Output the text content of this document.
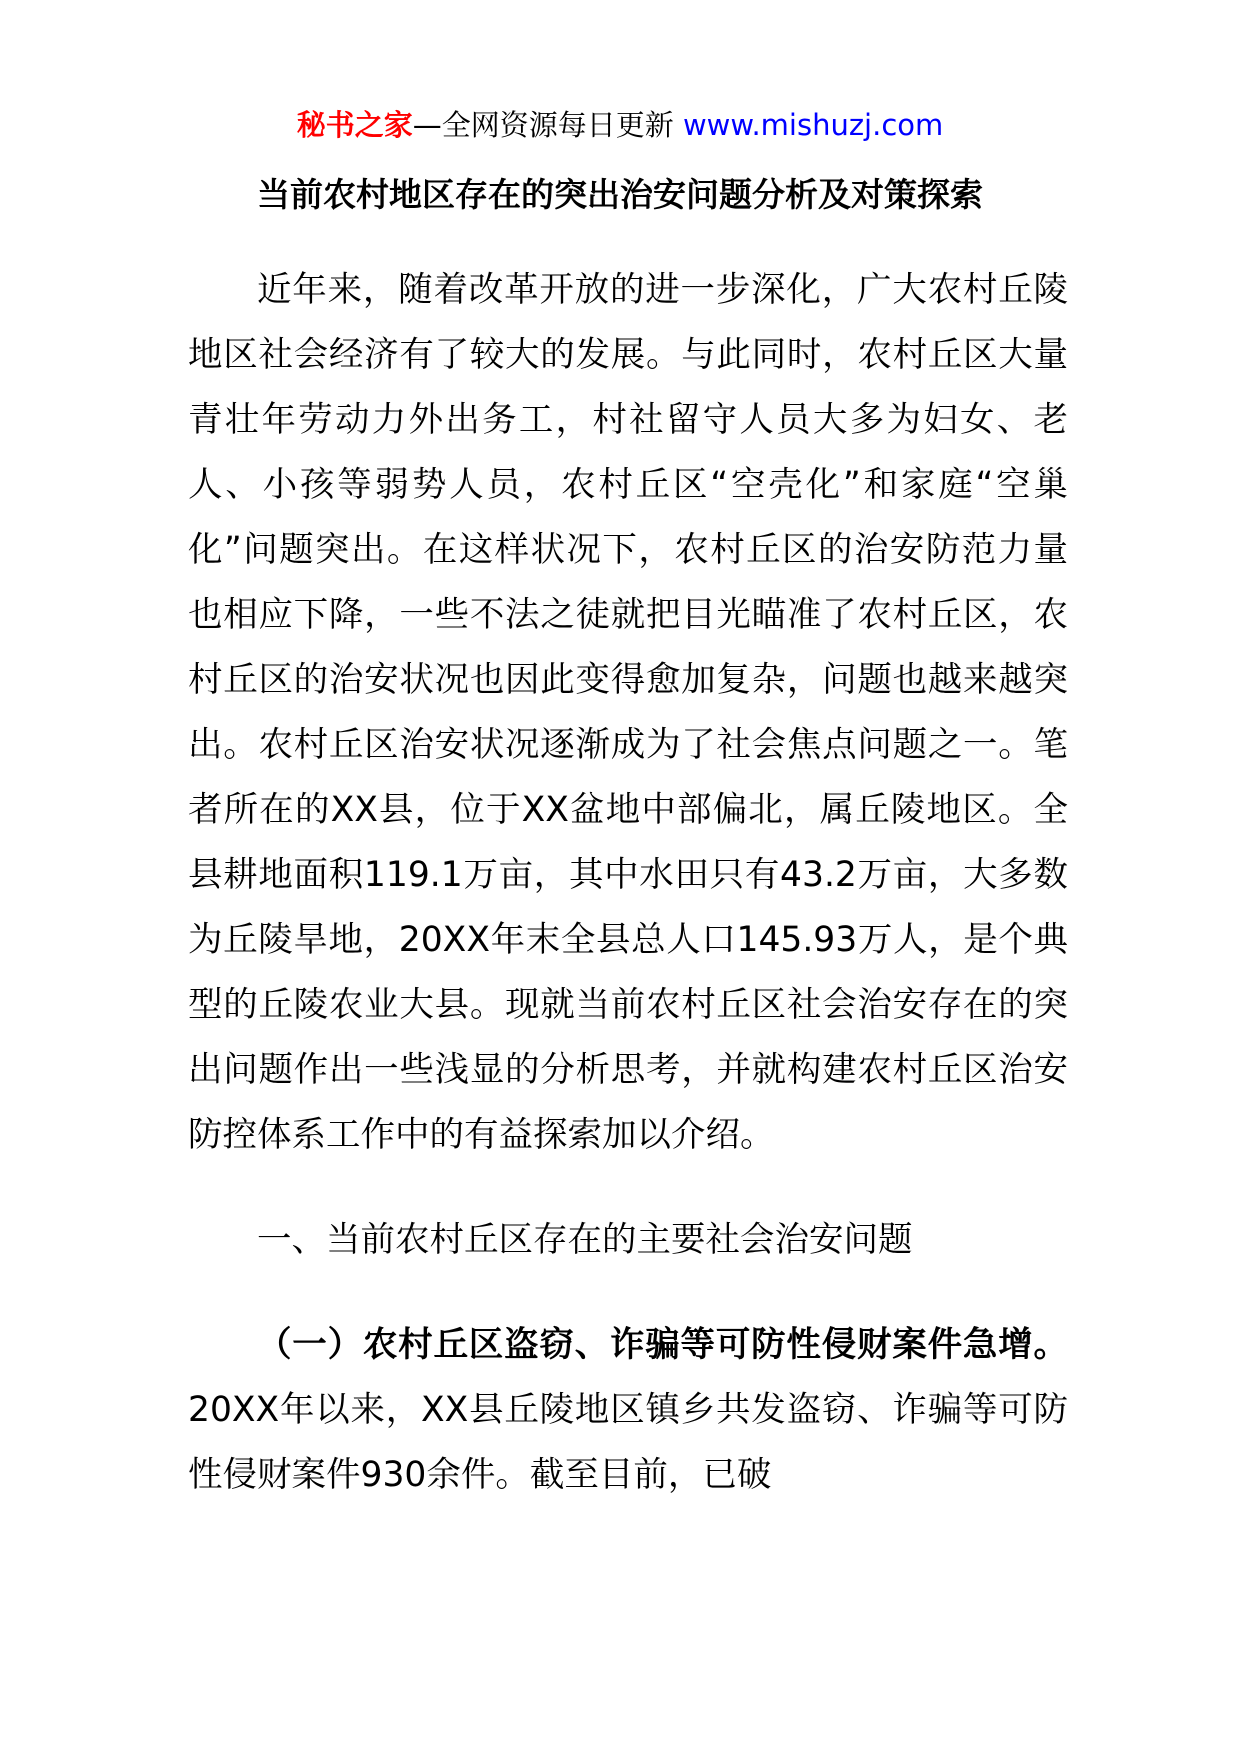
秘书之家—全网资源每日更新 www.mishuzj.com
当前农村地区存在的突出治安问题分析及对策探索

近年来，随着改革开放的进一步深化，广大农村丘陵地区社会经济有了较大的发展。与此同时，农村丘区大量青壮年劳动力外出务工，村社留守人员大多为妇女、老人、小孩等弱势人员，农村丘区“空壳化”和家庭“空巢化”问题突出。在这样状况下，农村丘区的治安防范力量也相应下降，一些不法之徒就把目光瞄准了农村丘区，农村丘区的治安状况也因此变得愈加复杂，问题也越来越突出。农村丘区治安状况逐渐成为了社会焦点问题之一。笔者所在的XX县，位于XX盆地中部偏北，属丘陵地区。全县耕地面积119.1万亩，其中水田只有43.2万亩，大多数为丘陵旱地，20XX年末全县总人口145.93万人，是个典型的丘陵农业大县。现就当前农村丘区社会治安存在的突出问题作出一些浅显的分析思考，并就构建农村丘区治安防控体系工作中的有益探索加以介绍。

一、当前农村丘区存在的主要社会治安问题

（一）农村丘区盗窃、诈骗等可防性侵财案件急增。20XX年以来，XX县丘陵地区镇乡共发盗窃、诈骗等可防性侵财案件930余件。截至目前，已破
